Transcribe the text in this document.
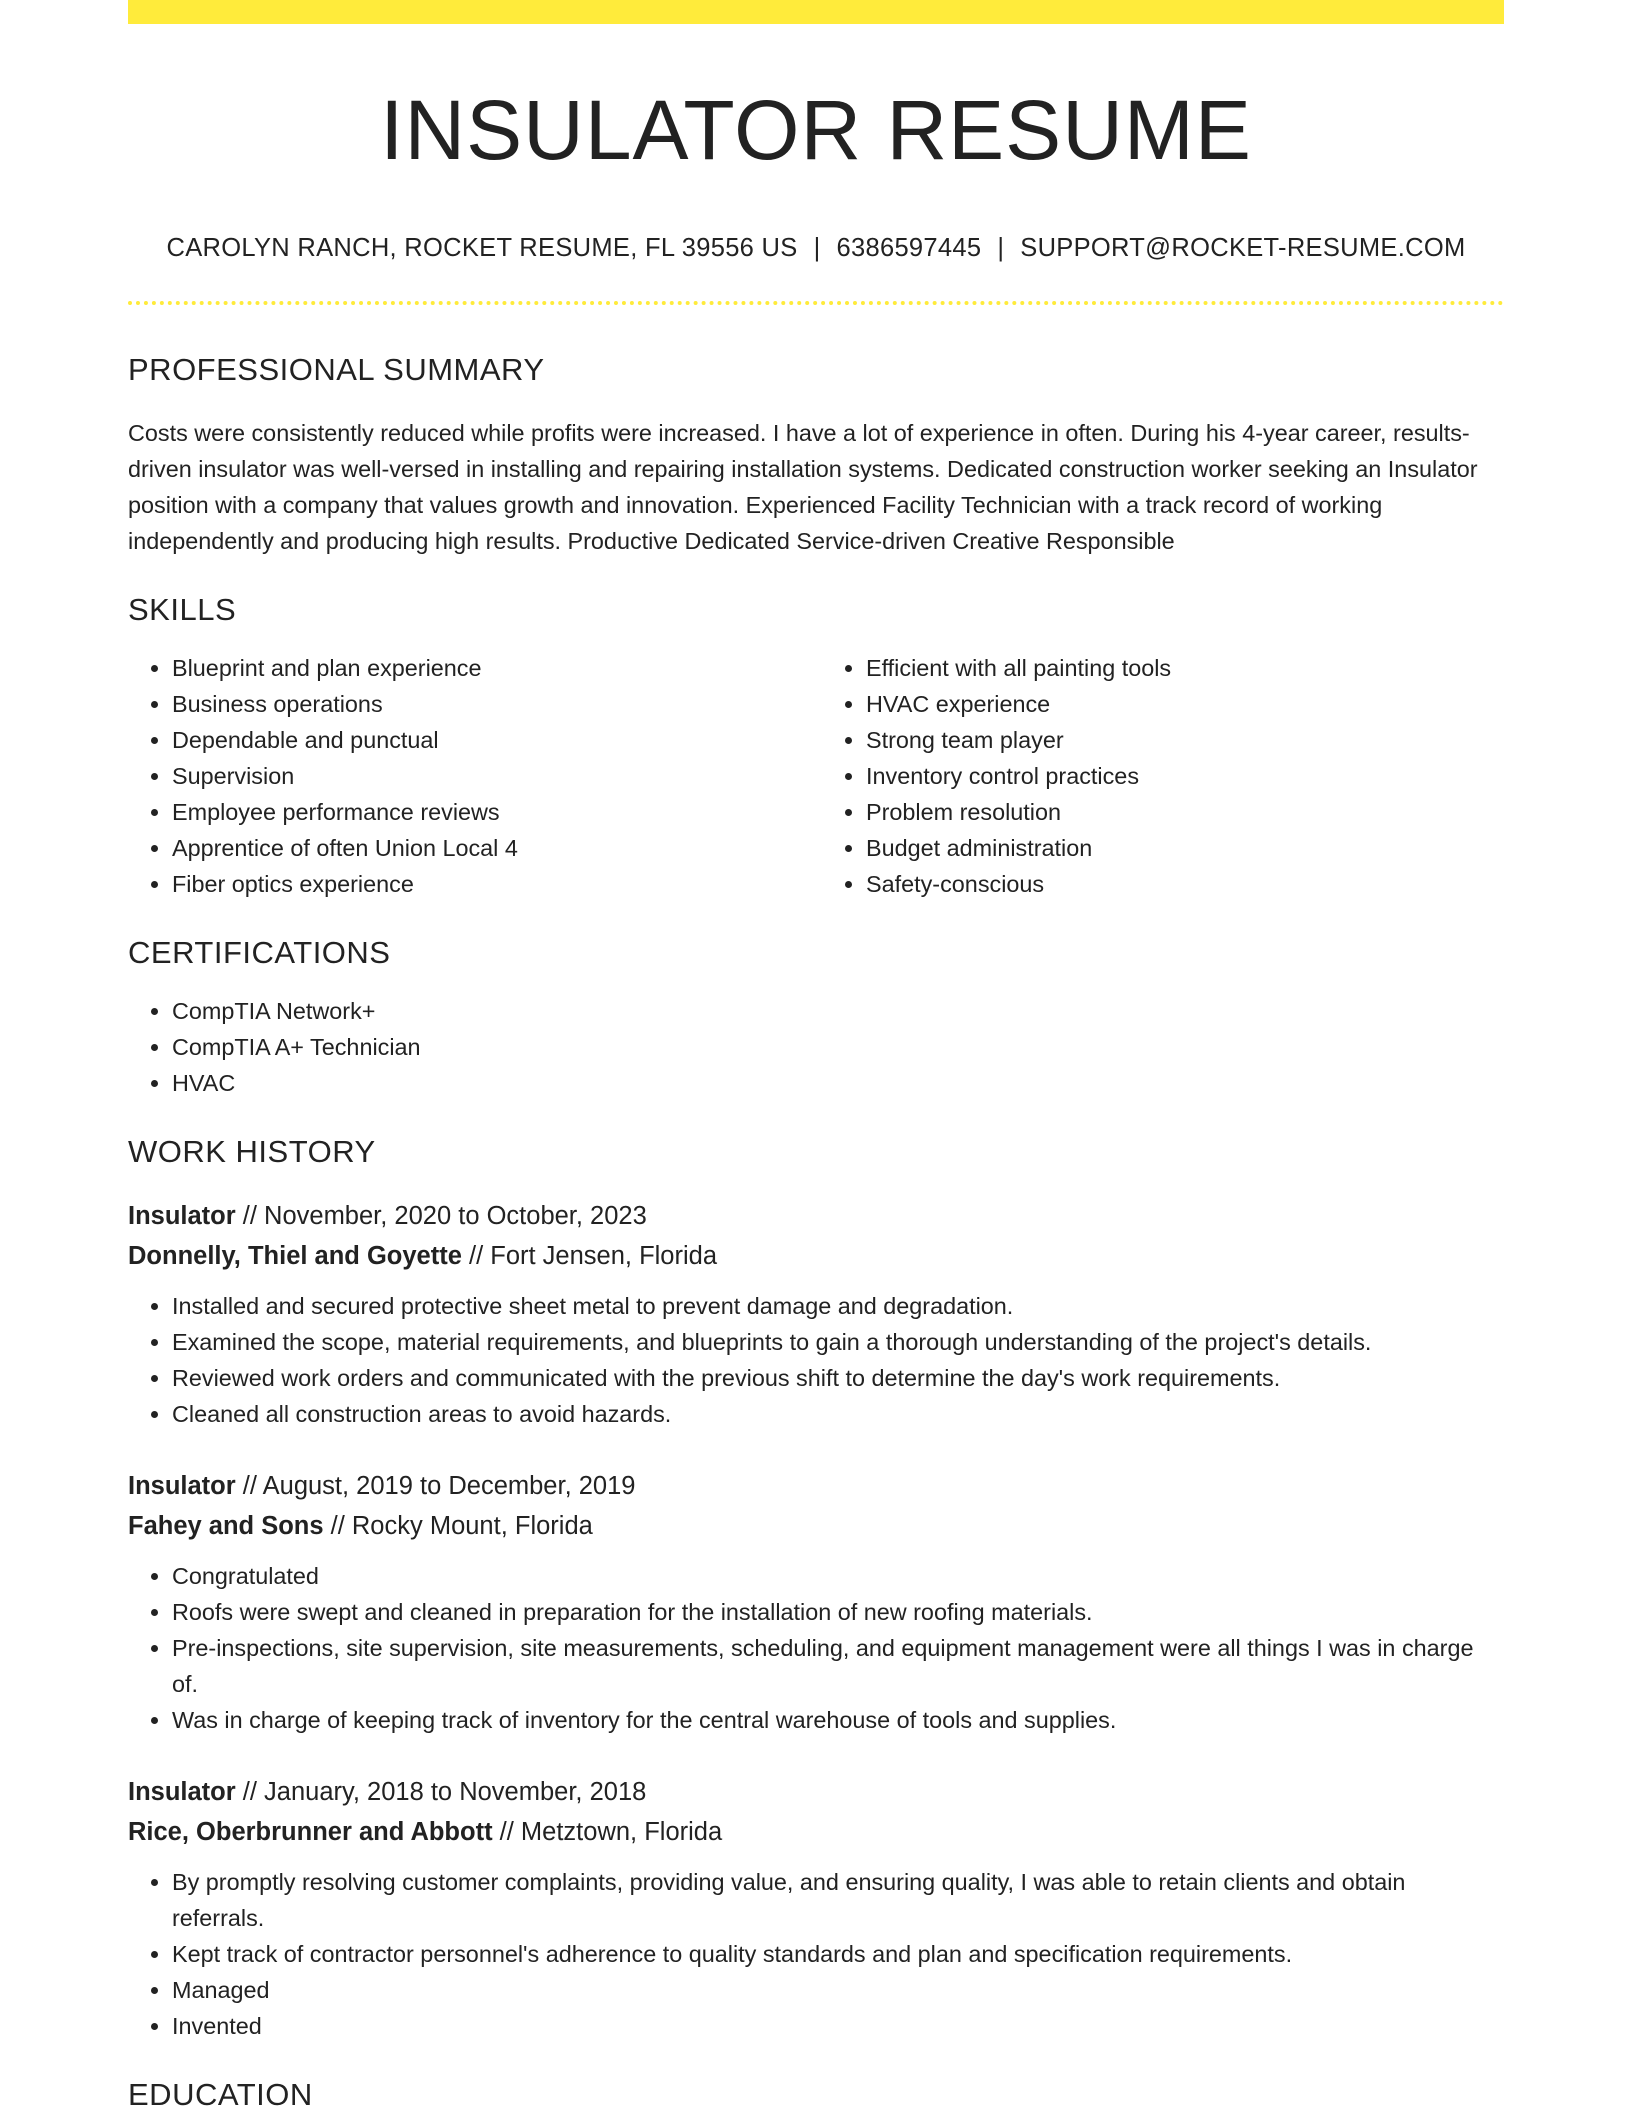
INSULATOR RESUME
CAROLYN RANCH, ROCKET RESUME, FL 39556 US | 6386597445 | SUPPORT@ROCKET-RESUME.COM
PROFESSIONAL SUMMARY

Costs were consistently reduced while profits were increased. I have a lot of experience in often. During his 4-year career, results-driven insulator was well-versed in installing and repairing installation systems. Dedicated construction worker seeking an Insulator position with a company that values growth and innovation. Experienced Facility Technician with a track record of working independently and producing high results. Productive Dedicated Service-driven Creative Responsible

SKILLS
• Blueprint and plan experience
• Business operations
• Dependable and punctual
• Supervision
• Employee performance reviews
• Apprentice of often Union Local 4
• Fiber optics experience
• Efficient with all painting tools
• HVAC experience
• Strong team player
• Inventory control practices
• Problem resolution
• Budget administration
• Safety-conscious
CERTIFICATIONS
• CompTIA Network+
• CompTIA A+ Technician
• HVAC
WORK HISTORY
Insulator // November, 2020 to October, 2023
Donnelly, Thiel and Goyette // Fort Jensen, Florida
• Installed and secured protective sheet metal to prevent damage and degradation.
• Examined the scope, material requirements, and blueprints to gain a thorough understanding of the project's details.
• Reviewed work orders and communicated with the previous shift to determine the day's work requirements.
• Cleaned all construction areas to avoid hazards.
Insulator // August, 2019 to December, 2019
Fahey and Sons // Rocky Mount, Florida
• Congratulated
• Roofs were swept and cleaned in preparation for the installation of new roofing materials.
• Pre-inspections, site supervision, site measurements, scheduling, and equipment management were all things I was in charge of.
• Was in charge of keeping track of inventory for the central warehouse of tools and supplies.
Insulator // January, 2018 to November, 2018
Rice, Oberbrunner and Abbott // Metztown, Florida
• By promptly resolving customer complaints, providing value, and ensuring quality, I was able to retain clients and obtain referrals.
• Kept track of contractor personnel's adherence to quality standards and plan and specification requirements.
• Managed
• Invented
EDUCATION
